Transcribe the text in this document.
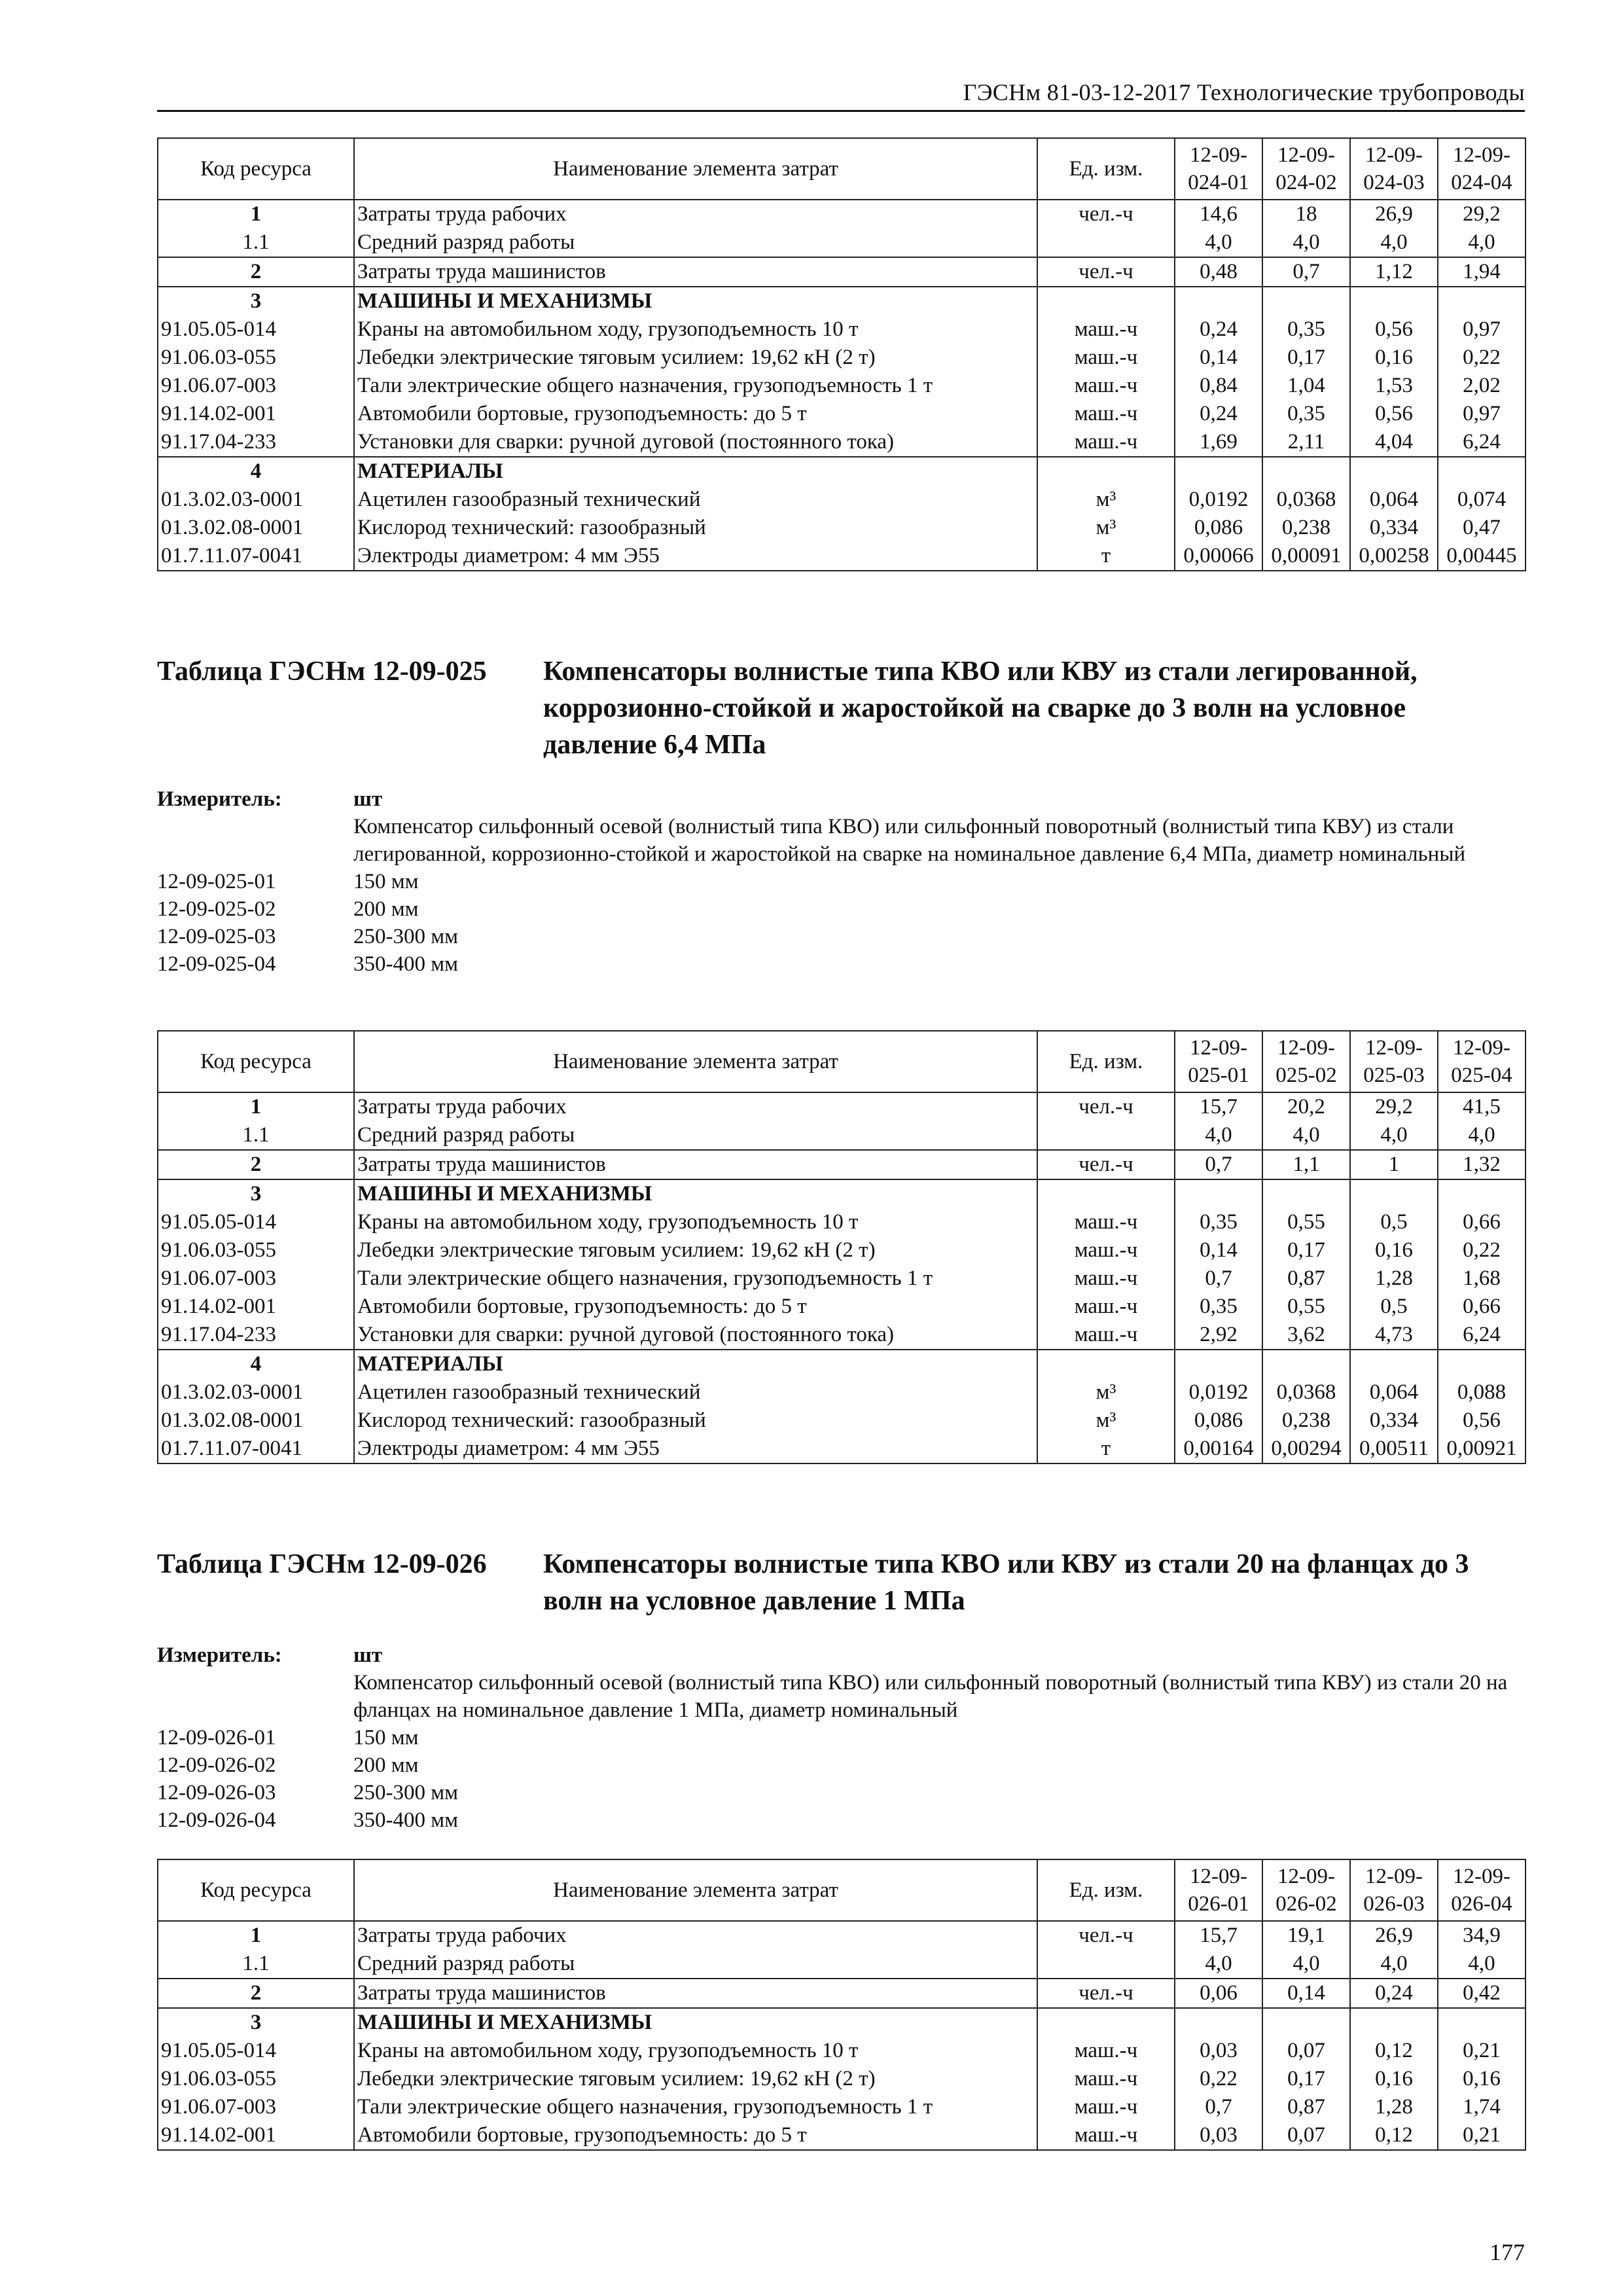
ГЭСНм 81-03-12-2017 Технологические трубопроводы
Код ресурса	Наименование элемента затрат	Ед. изм.	12-09-024-01	12-09-024-02	12-09-024-03	12-09-024-04
1	Затраты труда рабочих	чел.-ч	14,6	18	26,9	29,2
1.1	Средний разряд работы		4,0	4,0	4,0	4,0
2	Затраты труда машинистов	чел.-ч	0,48	0,7	1,12	1,94
3	МАШИНЫ И МЕХАНИЗМЫ					
91.05.05-014	Краны на автомобильном ходу, грузоподъемность 10 т	маш.-ч	0,24	0,35	0,56	0,97
91.06.03-055	Лебедки электрические тяговым усилием: 19,62 кН (2 т)	маш.-ч	0,14	0,17	0,16	0,22
91.06.07-003	Тали электрические общего назначения, грузоподъемность 1 т	маш.-ч	0,84	1,04	1,53	2,02
91.14.02-001	Автомобили бортовые, грузоподъемность: до 5 т	маш.-ч	0,24	0,35	0,56	0,97
91.17.04-233	Установки для сварки: ручной дуговой (постоянного тока)	маш.-ч	1,69	2,11	4,04	6,24
4	МАТЕРИАЛЫ					
01.3.02.03-0001	Ацетилен газообразный технический	м³	0,0192	0,0368	0,064	0,074
01.3.02.08-0001	Кислород технический: газообразный	м³	0,086	0,238	0,334	0,47
01.7.11.07-0041	Электроды диаметром: 4 мм Э55	т	0,00066	0,00091	0,00258	0,00445
Таблица ГЭСНм 12-09-025 Компенсаторы волнистые типа КВО или КВУ из стали легированной, коррозионно-стойкой и жаростойкой на сварке до 3 волн на условное давление 6,4 МПа
Измеритель:	шт
Компенсатор сильфонный осевой (волнистый типа КВО) или сильфонный поворотный (волнистый типа КВУ) из стали легированной, коррозионно-стойкой и жаростойкой на сварке на номинальное давление 6,4 МПа, диаметр номинальный
12-09-025-01	150 мм
12-09-025-02	200 мм
12-09-025-03	250-300 мм
12-09-025-04	350-400 мм
Код ресурса	Наименование элемента затрат	Ед. изм.	12-09-025-01	12-09-025-02	12-09-025-03	12-09-025-04
1	Затраты труда рабочих	чел.-ч	15,7	20,2	29,2	41,5
1.1	Средний разряд работы		4,0	4,0	4,0	4,0
2	Затраты труда машинистов	чел.-ч	0,7	1,1	1	1,32
3	МАШИНЫ И МЕХАНИЗМЫ					
91.05.05-014	Краны на автомобильном ходу, грузоподъемность 10 т	маш.-ч	0,35	0,55	0,5	0,66
91.06.03-055	Лебедки электрические тяговым усилием: 19,62 кН (2 т)	маш.-ч	0,14	0,17	0,16	0,22
91.06.07-003	Тали электрические общего назначения, грузоподъемность 1 т	маш.-ч	0,7	0,87	1,28	1,68
91.14.02-001	Автомобили бортовые, грузоподъемность: до 5 т	маш.-ч	0,35	0,55	0,5	0,66
91.17.04-233	Установки для сварки: ручной дуговой (постоянного тока)	маш.-ч	2,92	3,62	4,73	6,24
4	МАТЕРИАЛЫ					
01.3.02.03-0001	Ацетилен газообразный технический	м³	0,0192	0,0368	0,064	0,088
01.3.02.08-0001	Кислород технический: газообразный	м³	0,086	0,238	0,334	0,56
01.7.11.07-0041	Электроды диаметром: 4 мм Э55	т	0,00164	0,00294	0,00511	0,00921
Таблица ГЭСНм 12-09-026 Компенсаторы волнистые типа КВО или КВУ из стали 20 на фланцах до 3 волн на условное давление 1 МПа
Измеритель:	шт
Компенсатор сильфонный осевой (волнистый типа КВО) или сильфонный поворотный (волнистый типа КВУ) из стали 20 на фланцах на номинальное давление 1 МПа, диаметр номинальный
12-09-026-01	150 мм
12-09-026-02	200 мм
12-09-026-03	250-300 мм
12-09-026-04	350-400 мм
Код ресурса	Наименование элемента затрат	Ед. изм.	12-09-026-01	12-09-026-02	12-09-026-03	12-09-026-04
1	Затраты труда рабочих	чел.-ч	15,7	19,1	26,9	34,9
1.1	Средний разряд работы		4,0	4,0	4,0	4,0
2	Затраты труда машинистов	чел.-ч	0,06	0,14	0,24	0,42
3	МАШИНЫ И МЕХАНИЗМЫ					
91.05.05-014	Краны на автомобильном ходу, грузоподъемность 10 т	маш.-ч	0,03	0,07	0,12	0,21
91.06.03-055	Лебедки электрические тяговым усилием: 19,62 кН (2 т)	маш.-ч	0,22	0,17	0,16	0,16
91.06.07-003	Тали электрические общего назначения, грузоподъемность 1 т	маш.-ч	0,7	0,87	1,28	1,74
91.14.02-001	Автомобили бортовые, грузоподъемность: до 5 т	маш.-ч	0,03	0,07	0,12	0,21
177
